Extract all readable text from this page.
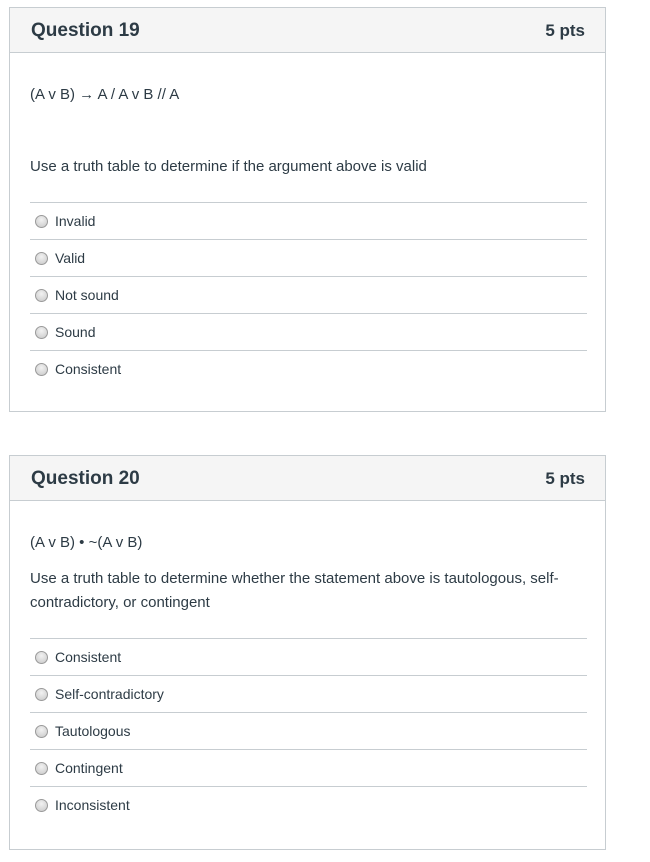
Question 19	5 pts

(A v B) → A / A v B // A

Use a truth table to determine if the argument above is valid

Invalid
Valid
Not sound
Sound
Consistent
Question 20	5 pts

(A v B) • ~(A v B)

Use a truth table to determine whether the statement above is tautologous, self-contradictory, or contingent

Consistent
Self-contradictory
Tautologous
Contingent
Inconsistent
